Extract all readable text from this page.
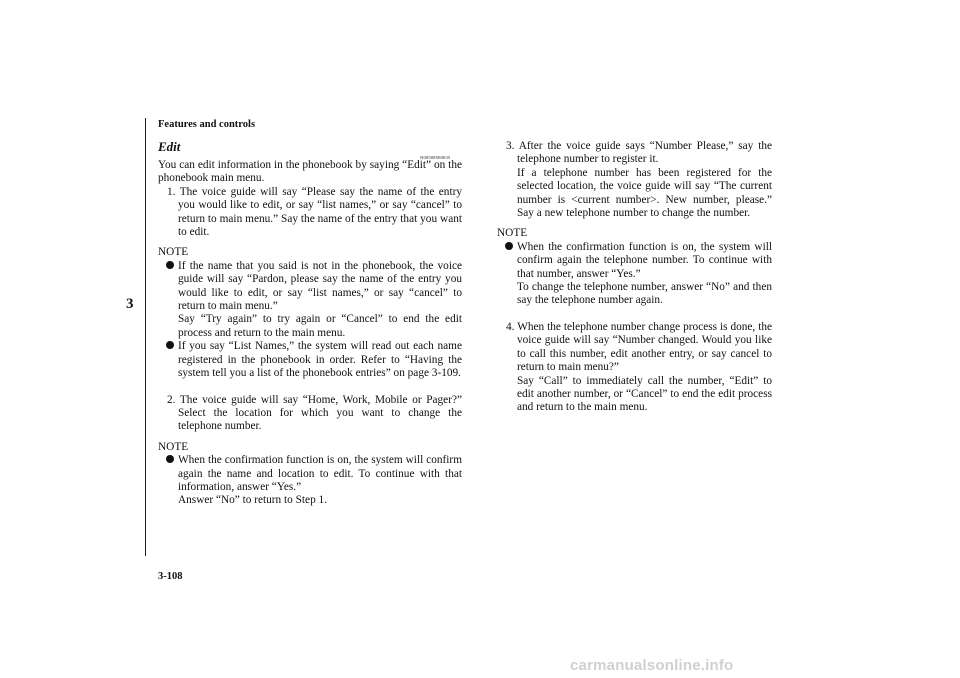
Features and controls
3
Edit
N00508500035

You can edit information in the phonebook by saying “Edit” on the phonebook main menu.

1. The voice guide will say “Please say the name of the entry you would like to edit, or say “list names,” or say “cancel” to return to main menu.” Say the name of the entry that you want to edit.

NOTE

If the name that you said is not in the phonebook, the voice guide will say “Pardon, please say the name of the entry you would like to edit, or say “list names,” or say “cancel” to return to main menu.”

Say “Try again” to try again or “Cancel” to end the edit process and return to the main menu.

If you say “List Names,” the system will read out each name registered in the phonebook in order. Refer to “Having the system tell you a list of the phonebook entries” on page 3-109.

2. The voice guide will say “Home, Work, Mobile or Pager?” Select the location for which you want to change the telephone number.

NOTE

When the confirmation function is on, the system will confirm again the name and location to edit. To continue with that information, answer “Yes.”

Answer “No” to return to Step 1.

3. After the voice guide says “Number Please,” say the telephone number to register it.

If a telephone number has been registered for the selected location, the voice guide will say “The current number is <current number>. New number, please.” Say a new telephone number to change the number.

NOTE

When the confirmation function is on, the system will confirm again the telephone number. To continue with that number, answer “Yes.”

To change the telephone number, answer “No” and then say the telephone number again.

4. When the telephone number change process is done, the voice guide will say “Number changed. Would you like to call this number, edit another entry, or say cancel to return to main menu?”

Say “Call” to immediately call the number, “Edit” to edit another number, or “Cancel” to end the edit process and return to the main menu.

3-108
carmanualsonline.info
